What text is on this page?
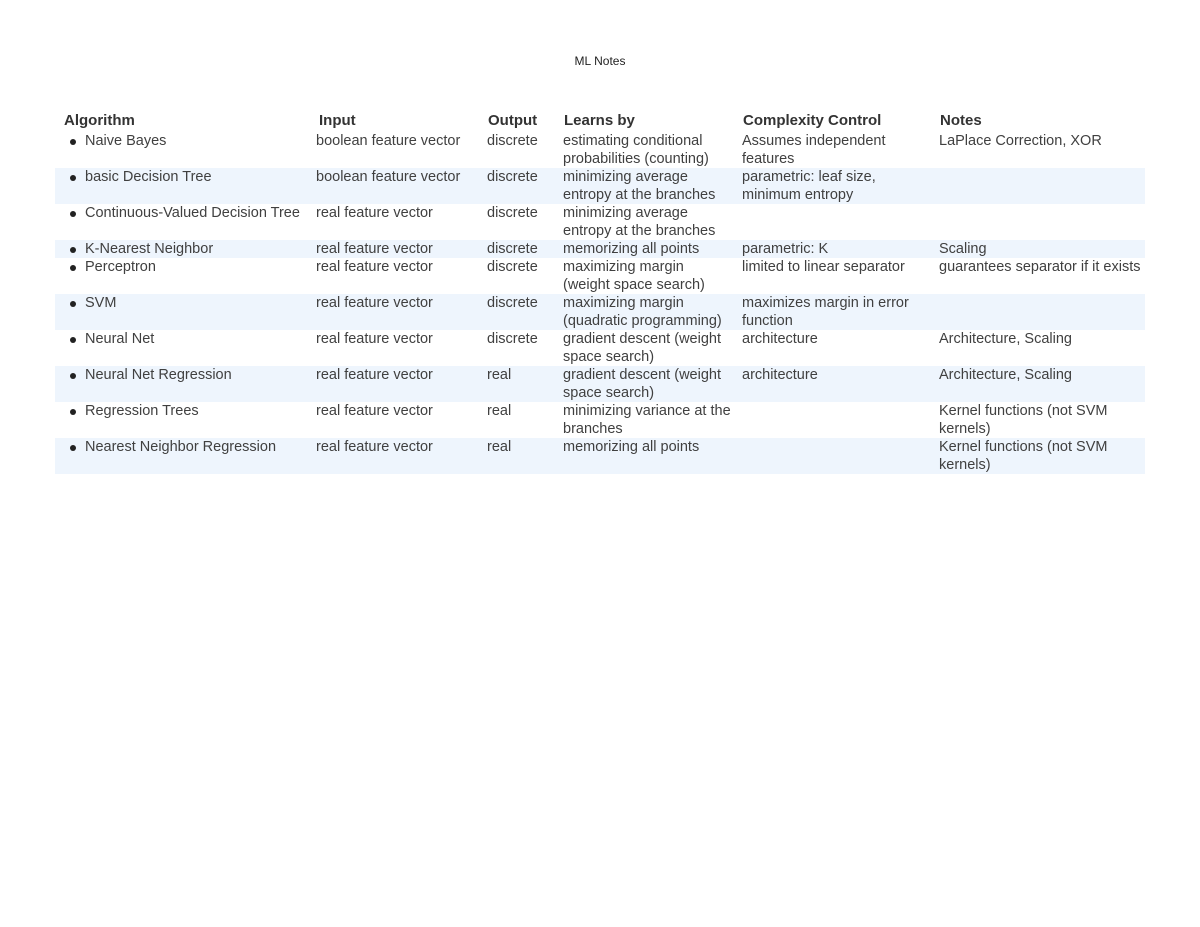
ML Notes
Algorithm	Input	Output	Learns by	Complexity Control	Notes

Naive Bayes	boolean feature vector	discrete	estimating conditional probabilities (counting)	Assumes independent features	LaPlace Correction, XOR

basic Decision Tree	boolean feature vector	discrete	minimizing average entropy at the branches	parametric: leaf size, minimum entropy	

Continuous-Valued Decision Tree	real feature vector	discrete	minimizing average entropy at the branches		

K-Nearest Neighbor	real feature vector	discrete	memorizing all points	parametric: K	Scaling

Perceptron	real feature vector	discrete	maximizing margin (weight space search)	limited to linear separator	guarantees separator if it exists

SVM	real feature vector	discrete	maximizing margin (quadratic programming)	maximizes margin in error function	

Neural Net	real feature vector	discrete	gradient descent (weight space search)	architecture	Architecture, Scaling

Neural Net Regression	real feature vector	real	gradient descent (weight space search)	architecture	Architecture, Scaling

Regression Trees	real feature vector	real	minimizing variance at the branches		Kernel functions (not SVM kernels)

Nearest Neighbor Regression	real feature vector	real	memorizing all points		Kernel functions (not SVM kernels)
